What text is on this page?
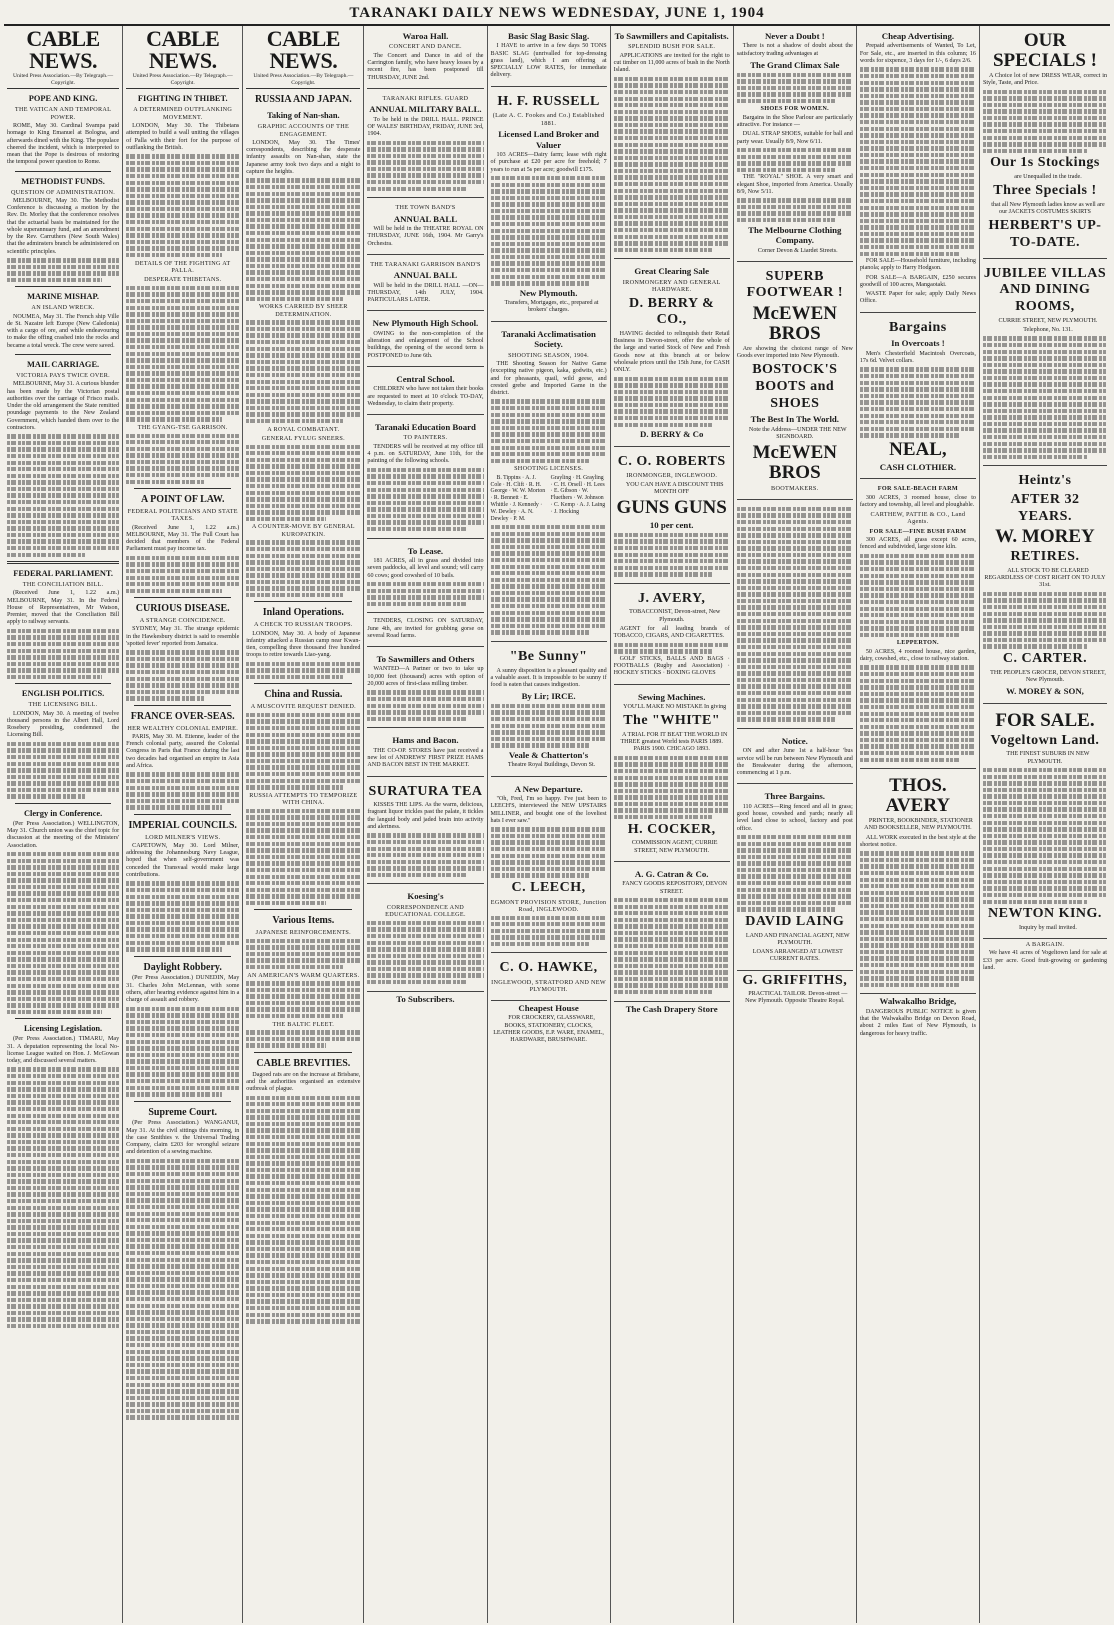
TARANAKI DAILY NEWS WEDNESDAY, JUNE 1, 1904
CABLE NEWS.
United Press Association.—By Telegraph.—Copyright.
POPE AND KING.
THE VATICAN AND TEMPORAL POWER.

ROME, May 30. Cardinal Svampa paid homage to King Emanuel at Bologna, and afterwards dined with the King. The populace cheered the incident, which is interpreted to mean that the Pope is desirous of restoring the temporal power question to Rome.

METHODIST FUNDS.
QUESTION OF ADMINISTRATION.

MELBOURNE, May 30. The Methodist Conference is discussing a motion by the Rev. Dr. Morley that the conference resolves that the actuarial basis be maintained for the whole superannuary fund, and an amendment by the Rev. Carruthers (New South Wales) that the adminsters branch be administered on scientific principles.

MARINE MISHAP.
AN ISLAND WRECK.

NOUMEA, May 31. The French ship Ville de St. Nazaire left Europe (New Caledonia) with a cargo of ore, and while endeavouring to make the offing crashed into the rocks and became a total wreck. The crew were saved.

MAIL CARRIAGE.
VICTORIA PAYS TWICE OVER.

MELBOURNE, May 31. A curious blunder has been made by the Victorian postal authorities over the carriage of Frisco mails. Under the old arrangement the State remitted poundage payments to the New Zealand Government, which handed them over to the contractors.

FEDERAL PARLIAMENT.
THE CONCILIATION BILL.

(Received June 1, 1.22 a.m.) MELBOURNE, May 31. In the Federal House of Representatives, Mr Watson, Premier, moved that the Conciliation Bill apply to railway servants.

ENGLISH POLITICS.
THE LICENSING BILL.

LONDON, May 30. A meeting of twelve thousand persons in the Albert Hall, Lord Rosebery presiding, condemned the Licensing Bill.

Clergy in Conference.

(Per Press Association.) WELLINGTON, May 31. Church union was the chief topic for discussion at the meeting of the Ministers' Association.

Licensing Legislation.

(Per Press Association.) TIMARU, May 31. A deputation representing the local No-license League waited on Hon. J. McGowan today, and discussed several matters.

CABLE NEWS.
United Press Association.—By Telegraph.—Copyright.
FIGHTING IN THIBET.
A DETERMINED OUTFLANKING MOVEMENT.

LONDON, May 30. The Thibetans attempted to build a wall uniting the villages of Palla with their fort for the purpose of outflanking the British.

DETAILS OF THE FIGHTING AT PALLA.
DESPERATE THIBETANS.
THE GYANG-TSE GARRISON.
A POINT OF LAW.
FEDERAL POLITICIANS AND STATE TAXES.

(Received June 1, 1.22 a.m.) MELBOURNE, May 31. The Full Court has decided that members of the Federal Parliament must pay income tax.

CURIOUS DISEASE.
A STRANGE COINCIDENCE.

SYDNEY, May 31. The strange epidemic in the Hawkesbury district is said to resemble 'spotted fever' reported from Jamaica.

FRANCE OVER-SEAS.
HER WEALTHY COLONIAL EMPIRE.

PARIS, May 30. M. Etienne, leader of the French colonial party, assured the Colonial Congress in Paris that France during the last two decades had organised an empire in Asia and Africa.

IMPERIAL COUNCILS.
LORD MILNER'S VIEWS.

CAPETOWN, May 30. Lord Milner, addressing the Johannesburg Navy League, hoped that when self-government was conceded the Transvaal would make large contributions.

Daylight Robbery.

(Per Press Association.) DUNEDIN, May 31. Charles John McLennan, with some others, after hearing evidence against him in a charge of assault and robbery.

Supreme Court.

(Per Press Association.) WANGANUI, May 31. At the civil sittings this morning, in the case Smithies v. the Universal Trading Company, claim £203 for wrongful seizure and detention of a sewing machine.

CABLE NEWS.
United Press Association.—By Telegraph.—Copyright.
RUSSIA AND JAPAN.
Taking of Nan-shan.
GRAPHIC ACCOUNTS OF THE ENGAGEMENT.

LONDON, May 30. The Times' correspondents, describing the desperate infantry assaults on Nan-shan, state the Japanese army took two days and a night to capture the heights.

WORKS CARRIED BY SHEER DETERMINATION.
A ROYAL COMBATANT.
GENERAL FYLUG SNEERS.
A COUNTER-MOVE BY GENERAL KUROPATKIN.
Inland Operations.
A CHECK TO RUSSIAN TROOPS.

LONDON, May 30. A body of Japanese infantry attacked a Russian camp near Kwan-tien, compelling three thousand five hundred troops to retire towards Liao-yang.

China and Russia.
A MUSCOVITE REQUEST DENIED.
RUSSIA ATTEMPTS TO TEMPORIZE WITH CHINA.
Various Items.
JAPANESE REINFORCEMENTS.
AN AMERICAN'S WARM QUARTERS.
THE BALTIC FLEET.
CABLE BREVITIES.

Dagoed rats are on the increase at Brisbane, and the authorities organised an extensive outbreak of plague.

Waroa Hall.
CONCERT AND DANCE.

The Concert and Dance in aid of the Carrington family, who have heavy losses by a recent fire, has been postponed till THURSDAY, JUNE 2nd.

TARANAKI RIFLES. GUARD
ANNUAL MILITARY BALL.

To be held in the DRILL HALL. PRINCE OF WALES' BIRTHDAY, FRIDAY, JUNE 3rd, 1904.

THE TOWN BAND'S
ANNUAL BALL

Will be held in the THEATRE ROYAL ON THURSDAY, JUNE 16th, 1904. Mr Garry's Orchestra.

THE TARANAKI GARRISON BAND'S
ANNUAL BALL

Will be held in the DRILL HALL —ON— THURSDAY, 14th JULY, 1904. PARTICULARS LATER.

New Plymouth High School.

OWING to the non-completion of the alteration and enlargement of the School buildings, the opening of the second term is POSTPONED to June 6th.

Central School.

CHILDREN who have not taken their books are requested to meet at 10 o'clock TO-DAY, Wednesday, to claim their property.

Taranaki Education Board
TO PAINTERS.

TENDERS will be received at my office till 4 p.m. on SATURDAY, June 11th, for the painting of the following schools.

To Lease.

181 ACRES, all in grass and divided into seven paddocks, all level and sound; will carry 60 cows; good cowshed of 10 bails.

TENDERS, CLOSING ON SATURDAY, June 4th, are invited for grubbing gorse on several Road farms.

To Sawmillers and Others

WANTED—A Partner or two to take up 10,000 feet (thousand) acres with option of 20,000 acres of first-class milling timber.

Hams and Bacon.

THE CO-OP. STORES have just received a new lot of ANDREWS' FIRST PRIZE HAMS AND BACON BEST IN THE MARKET.

SURATURA TEA

KISSES THE LIPS. As the warm, delicious, fragrant liquor trickles past the palate, it tickles the languid body and jaded brain into activity and alertness.

Koesing's
CORRESPONDENCE AND EDUCATIONAL COLLEGE.
To Subscribers.
Basic Slag Basic Slag.

I HAVE to arrive in a few days 50 TONS BASIC SLAG (unrivalled for top-dressing grass land), which I am offering at SPECIALLY LOW RATES, for immediate delivery.

H. F. RUSSELL
(Late A. C. Fookes and Co.) Established 1881.
Licensed Land Broker and Valuer

103 ACRES—Dairy farm; lease with right of purchase at £20 per acre for freehold; 7 years to run at 5s per acre; goodwill £175.

New Plymouth.

Transfers, Mortgages, etc., prepared at brokers' charges.

Taranaki Acclimatisation Society.
SHOOTING SEASON, 1904.

THE Shooting Season for Native Game (excepting native pigeon, kaka, godwits, etc.) and for pheasants, quail, wild geese, and crested grebe and Imported Game in the district.

SHOOTING LICENSES.

B. Tippins · A. J. Cole · H. Clift · R. H. George · W. W. Morton · R. Bennett · E. Whittle · J. Kennedy · W. Dewley · A. N. Dewley · P. M. Grayling · H. Grayling · C. H. Orsell · H. Lees · E. Gibson · W. Fluethers · W. Johnson · C. Kemp · A. J. Laing · J. Hocking

"Be Sunny"

A sunny disposition is a pleasant quality and a valuable asset. It is impossible to be sunny if food is eaten that causes indigestion.

By Lir; IRCE.
Veale & Chatterton's

Theatre Royal Buildings, Devon St.

A New Departure.

"Oh, Fred, I'm so happy. I've just been to LEECH'S, interviewed the NEW UPSTAIRS MILLINER, and bought one of the loveliest hats I ever saw."

C. LEECH,
EGMONT PROVISION STORE, Junction Road, INGLEWOOD.
C. O. HAWKE,
INGLEWOOD, STRATFORD AND NEW PLYMOUTH.
Cheapest House

FOR CROCKERY, GLASSWARE, BOOKS, STATIONERY, CLOCKS, LEATHER GOODS, E.P. WARE, ENAMEL, HARDWARE, BRUSHWARE.

To Sawmillers and Capitalists.
SPLENDID BUSH FOR SALE.

APPLICATIONS are invited for the right to cut timber on 11,000 acres of bush in the North Island.

Great Clearing Sale
IRONMONGERY AND GENERAL HARDWARE.
D. BERRY & CO.,

HAVING decided to relinquish their Retail Business in Devon-street, offer the whole of the large and varied Stock of New and Fresh Goods now at this branch at or below wholesale prices until the 15th June, for CASH ONLY.

D. BERRY & Co
C. O. ROBERTS
IRONMONGER, INGLEWOOD.

YOU CAN HAVE A DISCOUNT THIS MONTH OFF

GUNS GUNS
10 per cent.
J. AVERY,

TOBACCONIST, Devon-street, New Plymouth.

AGENT for all leading brands of TOBACCO, CIGARS, AND CIGARETTES.

GOLF STICKS, BALLS AND BAGS · FOOTBALLS (Rugby and Association) · HOCKEY STICKS · BOXING GLOVES

Sewing Machines.

YOU'LL MAKE NO MISTAKE In giving

The "WHITE"

A TRIAL FOR IT BEAT THE WORLD IN THREE greatest World tests PARIS 1889. PARIS 1900. CHICAGO 1893.

H. COCKER,

COMMISSION AGENT, CURRIE STREET, NEW PLYMOUTH.

A. G. Catran & Co.

FANCY GOODS REPOSITORY, DEVON STREET.

The Cash Drapery Store
Never a Doubt !

There is not a shadow of doubt about the satisfactory trading advantages at

The Grand Climax Sale
SHOES FOR WOMEN.

Bargains in the Shoe Parlour are particularly attractive. For instance —

DUAL STRAP SHOES, suitable for ball and party wear. Usually 8/9, Now 6/11.

THE "ROYAL" SHOE. A very smart and elegant Shoe, imported from America. Usually 8/9, Now 5/11.

The Melbourne Clothing Company.

Corner Devon & Liardet Streets.

SUPERB FOOTWEAR !
McEWEN BROS

Are showing the choicest range of New Goods ever imported into New Plymouth.

BOSTOCK'S BOOTS and SHOES
The Best In The World.

Note the Address—UNDER THE NEW SIGNBOARD.

McEWEN BROS
BOOTMAKERS.
Notice.

ON and after June 1st a half-hour 'bus service will be run between New Plymouth and the Breakwater during the afternoon, commencing at 1 p.m.

Three Bargains.

110 ACRES—Ring fenced and all in grass; good house, cowshed and yards; nearly all level land close to school, factory and post office.

DAVID LAING

LAND AND FINANCIAL AGENT, NEW PLYMOUTH.

LOANS ARRANGED AT LOWEST CURRENT RATES.

G. GRIFFITHS,

PRACTICAL TAILOR. Devon-street — New Plymouth. Opposite Theatre Royal.

Cheap Advertising.

Prepaid advertisements of Wanted, To Let, For Sale, etc., are inserted in this column; 16 words for sixpence, 3 days for 1/-, 6 days 2/6.

FOR SALE—Household furniture, including pianola; apply to Harry Hodgson.

FOR SALE—A BARGAIN, £250 secures goodwill of 100 acres, Mangaotaki.

WASTE Paper for sale; apply Daily News Office.

Bargains
In Overcoats !

Men's Chesterfield Macintosh Overcoats, 17s 6d. Velvet collars.

NEAL,
CASH CLOTHIER.
FOR SALE-BEACH FARM

300 ACRES, 3 roomed house, close to factory and township, all level and ploughable.

CARTHEW, PATTIE & CO., Land Agents.
FOR SALE—FINE BUSH FARM

300 ACRES, all grass except 60 acres, fenced and subdivided, large stone kiln.

LEPPERTON.

50 ACRES, 4 roomed house, nice garden, dairy, cowshed, etc., close to railway station.

THOS. AVERY

PRINTER, BOOKBINDER, STATIONER AND BOOKSELLER, NEW PLYMOUTH.

ALL WORK executed in the best style at the shortest notice.

Walwakalho Bridge,

DANGEROUS PUBLIC NOTICE is given that the Walwakalho Bridge on Devon Road, about 2 miles East of New Plymouth, is dangerous for heavy traffic.

OUR SPECIALS !

A Choice lot of new DRESS WEAR, correct in Style, Taste, and Price.

Our 1s Stockings

are Unequalled in the trade.

Three Specials !

that all New Plymouth ladies know as well are our JACKETS COSTUMES SKIRTS

HERBERT'S UP-TO-DATE.
JUBILEE VILLAS AND DINING ROOMS,

CURRIE STREET, NEW PLYMOUTH.

Telephone, No. 131.

Heintz's
AFTER 32 YEARS.
W. MOREY
RETIRES.

ALL STOCK TO BE CLEARED REGARDLESS OF COST RIGHT ON TO JULY 31st.

C. CARTER.

THE PEOPLE'S GROCER, DEVON STREET, New Plymouth.

W. MOREY & SON,
FOR SALE.
Vogeltown Land.

THE FINEST SUBURB IN NEW PLYMOUTH.

NEWTON KING.

Inquiry by mail invited.

A BARGAIN.

We have 41 acres of Vogeltown land for sale at £33 per acre. Good fruit-growing or gardening land.
